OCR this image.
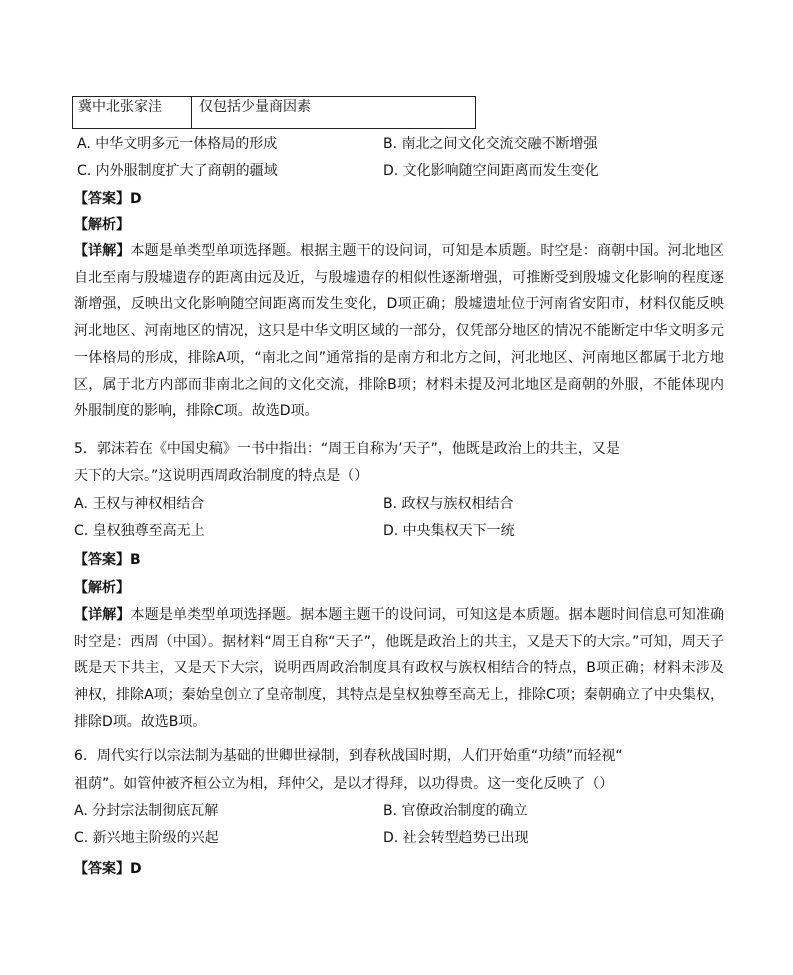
冀中北张家洼	仅包括少量商因素
A. 中华文明多元一体格局的形成	B. 南北之间文化交流交融不断增强
C. 内外服制度扩大了商朝的疆域	D. 文化影响随空间距离而发生变化
【答案】D
【解析】
【详解】本题是单类型单项选择题。根据主题干的设问词，可知是本质题。时空是：商朝中国。河北地区自北至南与殷墟遗存的距离由远及近，与殷墟遗存的相似性逐渐增强，可推断受到殷墟文化影响的程度逐渐增强，反映出文化影响随空间距离而发生变化，D项正确；殷墟遗址位于河南省安阳市，材料仅能反映河北地区、河南地区的情况，这只是中华文明区域的一部分，仅凭部分地区的情况不能断定中华文明多元一体格局的形成，排除A项，“南北之间”通常指的是南方和北方之间，河北地区、河南地区都属于北方地区，属于北方内部而非南北之间的文化交流，排除B项；材料未提及河北地区是商朝的外服，不能体现内外服制度的影响，排除C项。故选D项。
5．郭沫若在《中国史稿》一书中指出：“周王自称为’天子”，他既是政治上的共主，又是
天下的大宗。”这说明西周政治制度的特点是（）
A. 王权与神权相结合	B. 政权与族权相结合
C. 皇权独尊至高无上	D. 中央集权天下一统
【答案】B
【解析】
【详解】本题是单类型单项选择题。据本题主题干的设问词，可知这是本质题。据本题时间信息可知准确时空是：西周（中国）。据材料“周王自称“天子”，他既是政治上的共主，又是天下的大宗。”可知，周天子既是天下共主，又是天下大宗，说明西周政治制度具有政权与族权相结合的特点，B项正确；材料未涉及神权，排除A项；秦始皇创立了皇帝制度，其特点是皇权独尊至高无上，排除C项；秦朝确立了中央集权，排除D项。故选B项。
6．周代实行以宗法制为基础的世卿世禄制，到春秋战国时期，人们开始重“功绩”而轻视“
祖荫”。如管仲被齐桓公立为相，拜仲父，是以才得拜，以功得贵。这一变化反映了（）
A. 分封宗法制彻底瓦解	B. 官僚政治制度的确立
C. 新兴地主阶级的兴起	D. 社会转型趋势已出现
【答案】D
